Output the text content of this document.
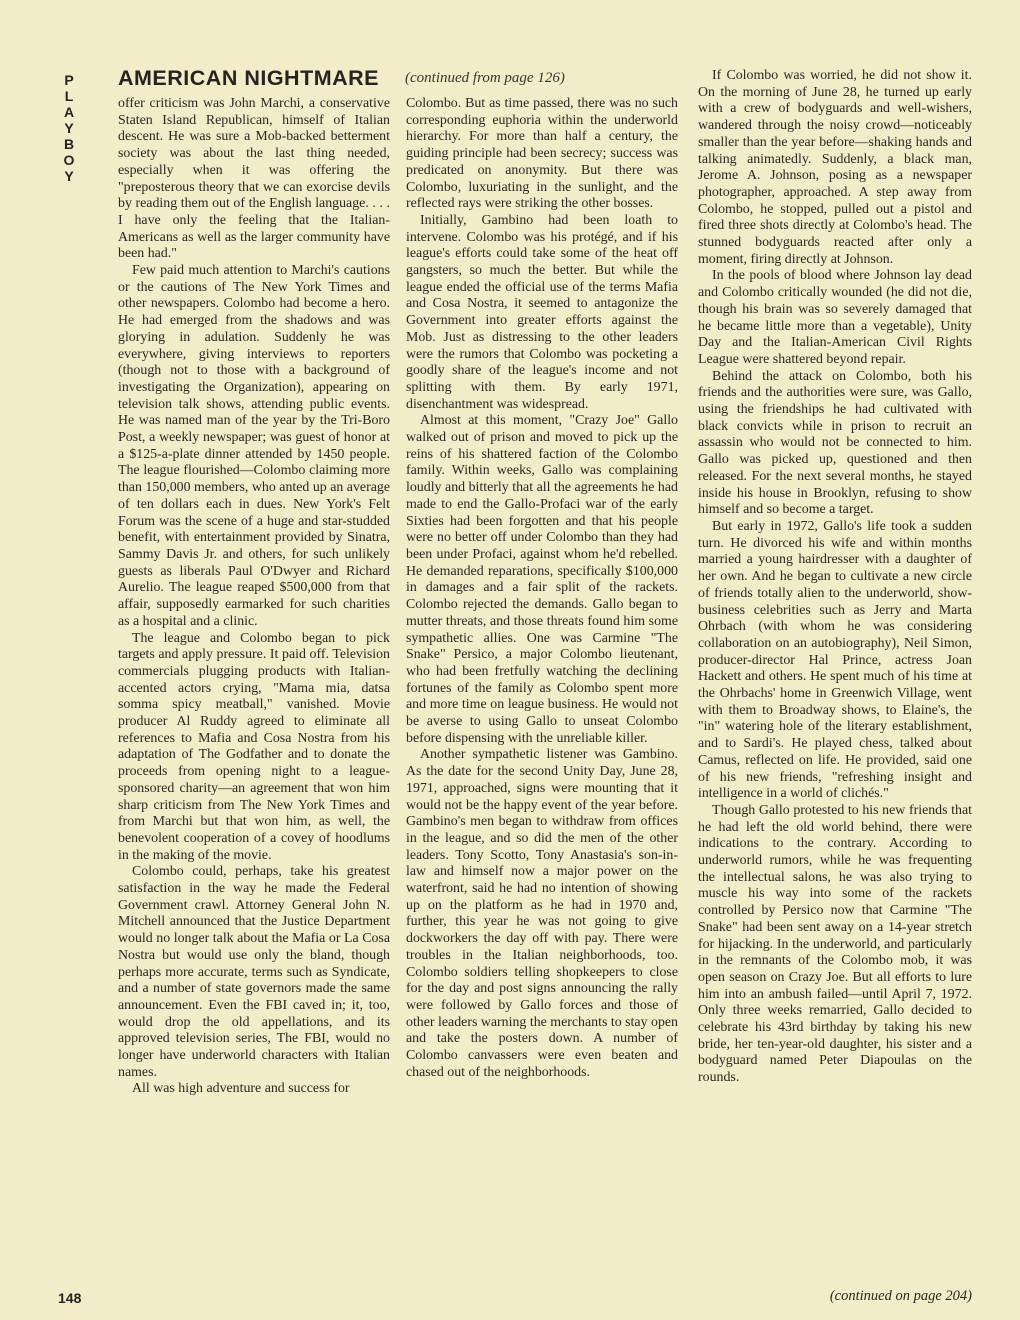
P
L
A
Y
B
O
Y
AMERICAN NIGHTMARE (continued from page 126)

offer criticism was John Marchi, a conservative Staten Island Republican, himself of Italian descent. He was sure a Mob-backed betterment society was about the last thing needed, especially when it was offering the "preposterous theory that we can exorcise devils by reading them out of the English language. . . . I have only the feeling that the Italian-Americans as well as the larger community have been had."

Few paid much attention to Marchi's cautions or the cautions of The New York Times and other newspapers. Colombo had become a hero. He had emerged from the shadows and was glorying in adulation. Suddenly he was everywhere, giving interviews to reporters (though not to those with a background of investigating the Organization), appearing on television talk shows, attending public events. He was named man of the year by the Tri-Boro Post, a weekly newspaper; was guest of honor at a $125-a-plate dinner attended by 1450 people. The league flourished—Colombo claiming more than 150,000 members, who anted up an average of ten dollars each in dues. New York's Felt Forum was the scene of a huge and star-studded benefit, with entertainment provided by Sinatra, Sammy Davis Jr. and others, for such unlikely guests as liberals Paul O'Dwyer and Richard Aurelio. The league reaped $500,000 from that affair, supposedly earmarked for such charities as a hospital and a clinic.

The league and Colombo began to pick targets and apply pressure. It paid off. Television commercials plugging products with Italian-accented actors crying, "Mama mia, datsa somma spicy meatball," vanished. Movie producer Al Ruddy agreed to eliminate all references to Mafia and Cosa Nostra from his adaptation of The Godfather and to donate the proceeds from opening night to a league-sponsored charity—an agreement that won him sharp criticism from The New York Times and from Marchi but that won him, as well, the benevolent cooperation of a covey of hoodlums in the making of the movie.

Colombo could, perhaps, take his greatest satisfaction in the way he made the Federal Government crawl. Attorney General John N. Mitchell announced that the Justice Department would no longer talk about the Mafia or La Cosa Nostra but would use only the bland, though perhaps more accurate, terms such as Syndicate, and a number of state governors made the same announcement. Even the FBI caved in; it, too, would drop the old appellations, and its approved television series, The FBI, would no longer have underworld characters with Italian names.

All was high adventure and success for

Colombo. But as time passed, there was no such corresponding euphoria within the underworld hierarchy. For more than half a century, the guiding principle had been secrecy; success was predicated on anonymity. But there was Colombo, luxuriating in the sunlight, and the reflected rays were striking the other bosses.

Initially, Gambino had been loath to intervene. Colombo was his protégé, and if his league's efforts could take some of the heat off gangsters, so much the better. But while the league ended the official use of the terms Mafia and Cosa Nostra, it seemed to antagonize the Government into greater efforts against the Mob. Just as distressing to the other leaders were the rumors that Colombo was pocketing a goodly share of the league's income and not splitting with them. By early 1971, disenchantment was widespread.

Almost at this moment, "Crazy Joe" Gallo walked out of prison and moved to pick up the reins of his shattered faction of the Colombo family. Within weeks, Gallo was complaining loudly and bitterly that all the agreements he had made to end the Gallo-Profaci war of the early Sixties had been forgotten and that his people were no better off under Colombo than they had been under Profaci, against whom he'd rebelled. He demanded reparations, specifically $100,000 in damages and a fair split of the rackets. Colombo rejected the demands. Gallo began to mutter threats, and those threats found him some sympathetic allies. One was Carmine "The Snake" Persico, a major Colombo lieutenant, who had been fretfully watching the declining fortunes of the family as Colombo spent more and more time on league business. He would not be averse to using Gallo to unseat Colombo before dispensing with the unreliable killer.

Another sympathetic listener was Gambino. As the date for the second Unity Day, June 28, 1971, approached, signs were mounting that it would not be the happy event of the year before. Gambino's men began to withdraw from offices in the league, and so did the men of the other leaders. Tony Scotto, Tony Anastasia's son-in-law and himself now a major power on the waterfront, said he had no intention of showing up on the platform as he had in 1970 and, further, this year he was not going to give dockworkers the day off with pay. There were troubles in the Italian neighborhoods, too. Colombo soldiers telling shopkeepers to close for the day and post signs announcing the rally were followed by Gallo forces and those of other leaders warning the merchants to stay open and take the posters down. A number of Colombo canvassers were even beaten and chased out of the neighborhoods.

If Colombo was worried, he did not show it. On the morning of June 28, he turned up early with a crew of bodyguards and well-wishers, wandered through the noisy crowd—noticeably smaller than the year before—shaking hands and talking animatedly. Suddenly, a black man, Jerome A. Johnson, posing as a newspaper photographer, approached. A step away from Colombo, he stopped, pulled out a pistol and fired three shots directly at Colombo's head. The stunned bodyguards reacted after only a moment, firing directly at Johnson.

In the pools of blood where Johnson lay dead and Colombo critically wounded (he did not die, though his brain was so severely damaged that he became little more than a vegetable), Unity Day and the Italian-American Civil Rights League were shattered beyond repair.

Behind the attack on Colombo, both his friends and the authorities were sure, was Gallo, using the friendships he had cultivated with black convicts while in prison to recruit an assassin who would not be connected to him. Gallo was picked up, questioned and then released. For the next several months, he stayed inside his house in Brooklyn, refusing to show himself and so become a target.

But early in 1972, Gallo's life took a sudden turn. He divorced his wife and within months married a young hairdresser with a daughter of her own. And he began to cultivate a new circle of friends totally alien to the underworld, show-business celebrities such as Jerry and Marta Ohrbach (with whom he was considering collaboration on an autobiography), Neil Simon, producer-director Hal Prince, actress Joan Hackett and others. He spent much of his time at the Ohrbachs' home in Greenwich Village, went with them to Broadway shows, to Elaine's, the "in" watering hole of the literary establishment, and to Sardi's. He played chess, talked about Camus, reflected on life. He provided, said one of his new friends, "refreshing insight and intelligence in a world of clichés."

Though Gallo protested to his new friends that he had left the old world behind, there were indications to the contrary. According to underworld rumors, while he was frequenting the intellectual salons, he was also trying to muscle his way into some of the rackets controlled by Persico now that Carmine "The Snake" had been sent away on a 14-year stretch for hijacking. In the underworld, and particularly in the remnants of the Colombo mob, it was open season on Crazy Joe. But all efforts to lure him into an ambush failed—until April 7, 1972. Only three weeks remarried, Gallo decided to celebrate his 43rd birthday by taking his new bride, her ten-year-old daughter, his sister and a bodyguard named Peter Diapoulas on the rounds.

148	(continued on page 204)
